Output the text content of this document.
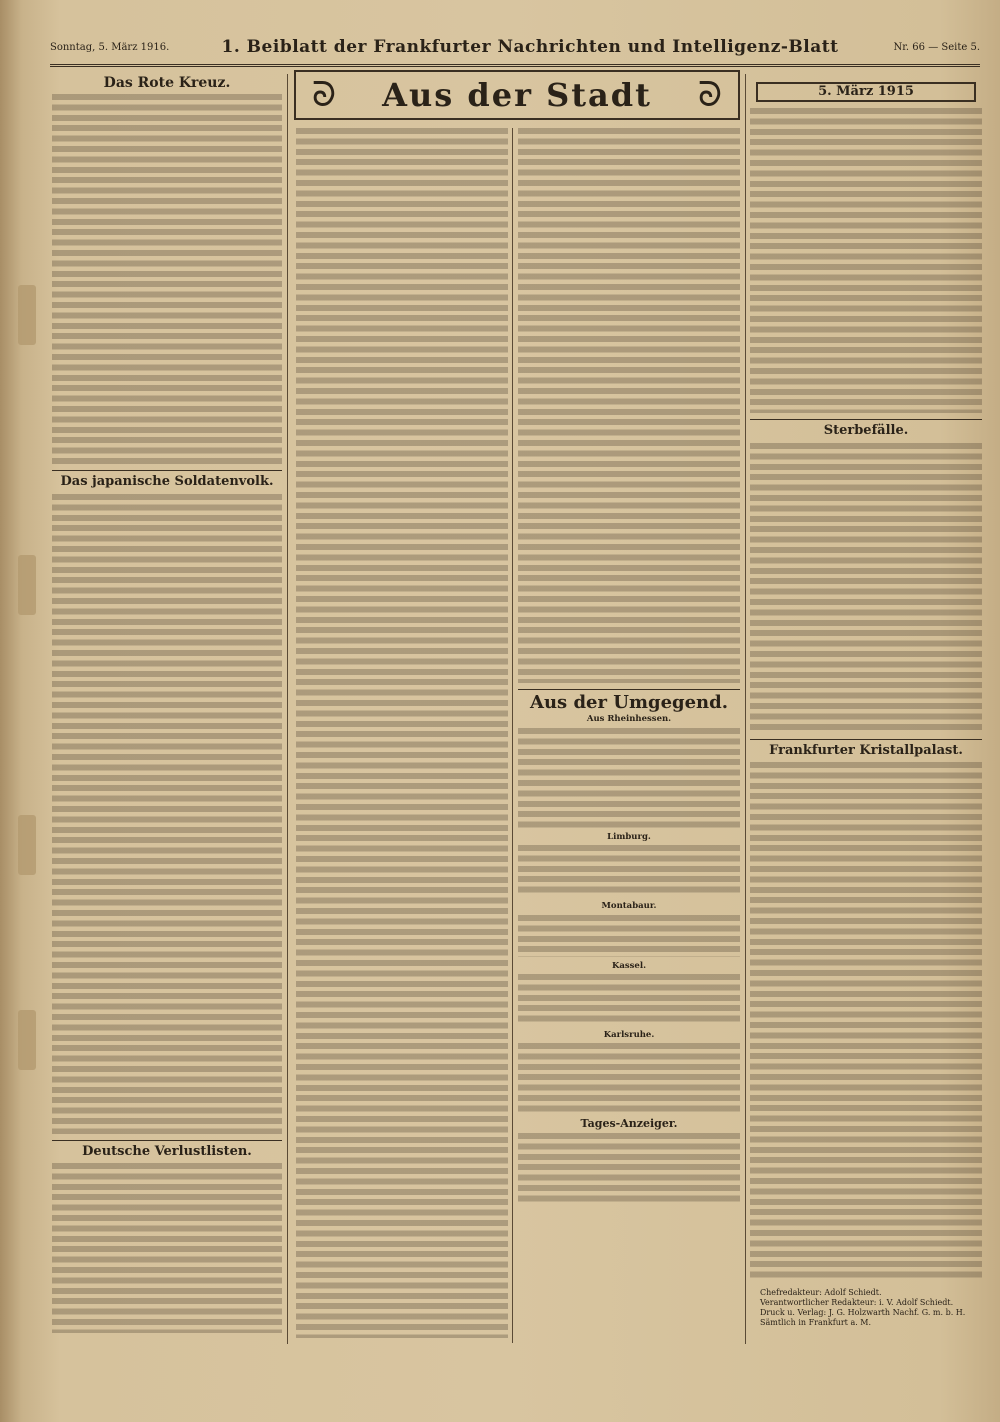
Sonntag, 5. März 1916.	1. Beiblatt der Frankfurter Nachrichten und Intelligenz-Blatt	Nr. 66 — Seite 5.
Das Rote Kreuz.
Das japanische Soldatenvolk.
Deutsche Verlustlisten.
ᘐ Aus der Stadt ᘐ
Aus der Umgegend.
Aus Rheinhessen.
Limburg.
Montabaur.
Kassel.
Karlsruhe.
Tages-Anzeiger.
5. März 1915
Sterbefälle.
Frankfurter Kristallpalast.
Chefredakteur: Adolf Schiedt.
Verantwortlicher Redakteur: i. V. Adolf Schiedt.
Druck u. Verlag: J. G. Holzwarth Nachf. G. m. b. H.
Sämtlich in Frankfurt a. M.
